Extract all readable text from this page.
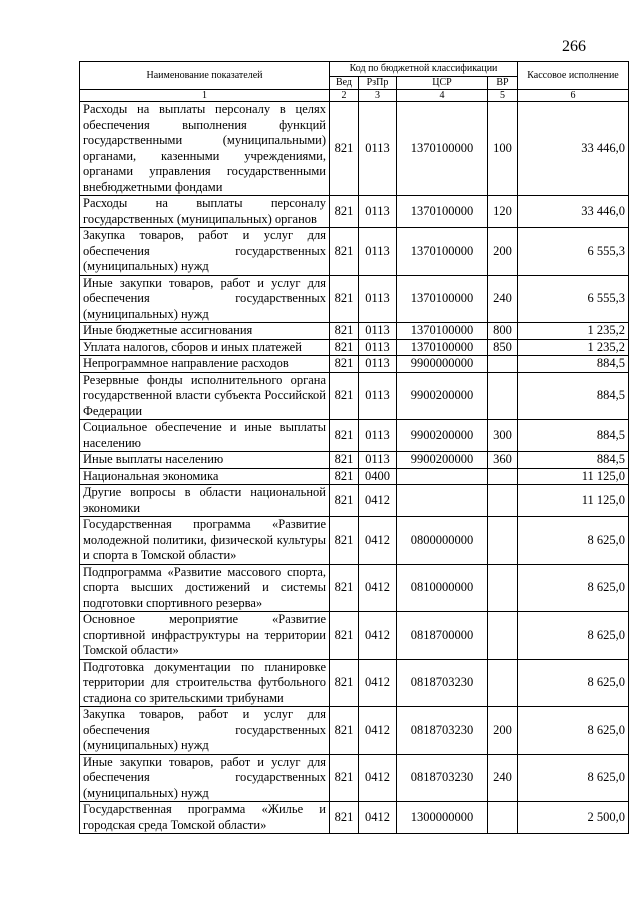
266
Наименование показателей	Код по бюджетной классификации				Кассовое исполнение
	Вед	РзПр	ЦСР	ВР	
1	2	3	4	5	6
Расходы на выплаты персоналу в целях обеспечения выполнения функций государственными (муниципальными) органами, казенными учреждениями, органами управления государственными внебюджетными фондами	821	0113	1370100000	100	33 446,0
Расходы на выплаты персоналу государственных (муниципальных) органов	821	0113	1370100000	120	33 446,0
Закупка товаров, работ и услуг для обеспечения государственных (муниципальных) нужд	821	0113	1370100000	200	6 555,3
Иные закупки товаров, работ и услуг для обеспечения государственных (муниципальных) нужд	821	0113	1370100000	240	6 555,3
Иные бюджетные ассигнования	821	0113	1370100000	800	1 235,2
Уплата налогов, сборов и иных платежей	821	0113	1370100000	850	1 235,2
Непрограммное направление расходов	821	0113	9900000000		884,5
Резервные фонды исполнительного органа государственной власти субъекта Российской Федерации	821	0113	9900200000		884,5
Социальное обеспечение и иные выплаты населению	821	0113	9900200000	300	884,5
Иные выплаты населению	821	0113	9900200000	360	884,5
Национальная экономика	821	0400			11 125,0
Другие вопросы в области национальной экономики	821	0412			11 125,0
Государственная программа «Развитие молодежной политики, физической культуры и спорта в Томской области»	821	0412	0800000000		8 625,0
Подпрограмма «Развитие массового спорта, спорта высших достижений и системы подготовки спортивного резерва»	821	0412	0810000000		8 625,0
Основное мероприятие «Развитие спортивной инфраструктуры на территории Томской области»	821	0412	0818700000		8 625,0
Подготовка документации по планировке территории для строительства футбольного стадиона со зрительскими трибунами	821	0412	0818703230		8 625,0
Закупка товаров, работ и услуг для обеспечения государственных (муниципальных) нужд	821	0412	0818703230	200	8 625,0
Иные закупки товаров, работ и услуг для обеспечения государственных (муниципальных) нужд	821	0412	0818703230	240	8 625,0
Государственная программа «Жилье и городская среда Томской области»	821	0412	1300000000		2 500,0
